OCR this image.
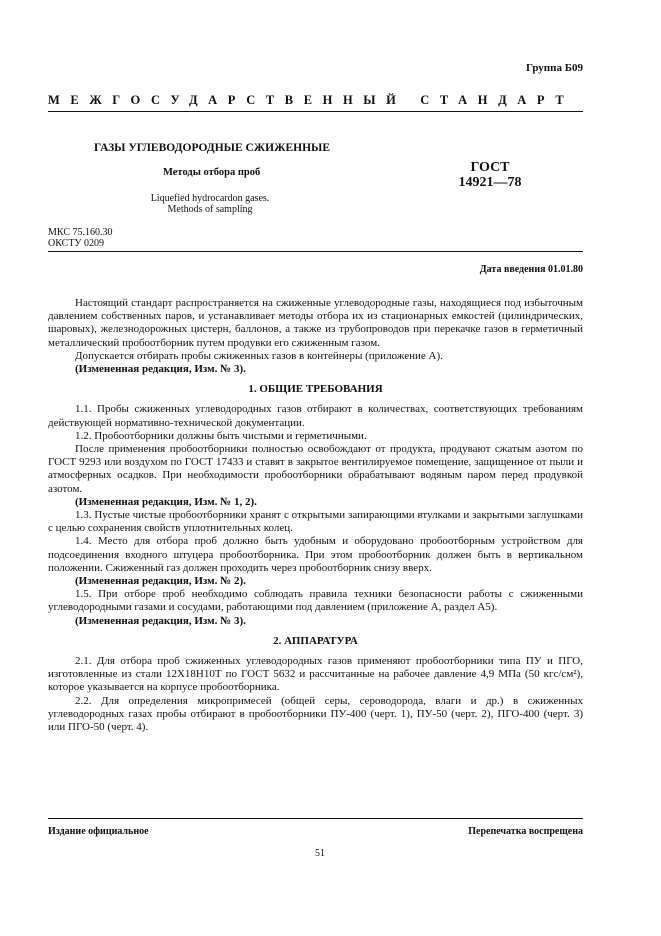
Группа Б09
МЕЖГОСУДАРСТВЕННЫЙ СТАНДАРТ
ГАЗЫ УГЛЕВОДОРОДНЫЕ СЖИЖЕННЫЕ
Методы отбора проб
Liquefied hydrocardon gases.
Methods of sampling
ГОСТ
14921—78
МКС 75.160.30
ОКСТУ 0209
Дата введения 01.01.80

Настоящий стандарт распространяется на сжиженные углеводородные газы, находящиеся под избыточным давлением собственных паров, и устанавливает методы отбора их из стационарных емкостей (цилиндрических, шаровых), железнодорожных цистерн, баллонов, а также из трубопроводов при перекачке газов в герметичный металлический пробоотборник путем продувки его сжиженным газом.

Допускается отбирать пробы сжиженных газов в контейнеры (приложение А).

(Измененная редакция, Изм. № 3).

1. ОБЩИЕ ТРЕБОВАНИЯ

1.1. Пробы сжиженных углеводородных газов отбирают в количествах, соответствующих требованиям действующей нормативно-технической документации.

1.2. Пробоотборники должны быть чистыми и герметичными.

После применения пробоотборники полностью освобождают от продукта, продувают сжатым азотом по ГОСТ 9293 или воздухом по ГОСТ 17433 и ставят в закрытое вентилируемое помещение, защищенное от пыли и атмосферных осадков. При необходимости пробоотборники обрабатывают водяным паром перед продувкой азотом.

(Измененная редакция, Изм. № 1, 2).

1.3. Пустые чистые пробоотборники хранят с открытыми запирающими втулками и закрытыми заглушками с целью сохранения свойств уплотнительных колец.

1.4. Место для отбора проб должно быть удобным и оборудовано пробоотборным устройством для подсоединения входного штуцера пробоотборника. При этом пробоотборник должен быть в вертикальном положении. Сжиженный газ должен проходить через пробоотборник снизу вверх.

(Измененная редакция, Изм. № 2).

1.5. При отборе проб необходимо соблюдать правила техники безопасности работы с сжиженными углеводородными газами и сосудами, работающими под давлением (приложение А, раздел А5).

(Измененная редакция, Изм. № 3).

2. АППАРАТУРА

2.1. Для отбора проб сжиженных углеводородных газов применяют пробоотборники типа ПУ и ПГО, изготовленные из стали 12Х18Н10Т по ГОСТ 5632 и рассчитанные на рабочее давление 4,9 МПа (50 кгс/см²), которое указывается на корпусе пробоотборника.

2.2. Для определения микропримесей (общей серы, сероводорода, влаги и др.) в сжиженных углеводородных газах пробы отбирают в пробоотборники ПУ-400 (черт. 1), ПУ-50 (черт. 2), ПГО-400 (черт. 3) или ПГО-50 (черт. 4).

Издание официальное	Перепечатка воспрещена
51
